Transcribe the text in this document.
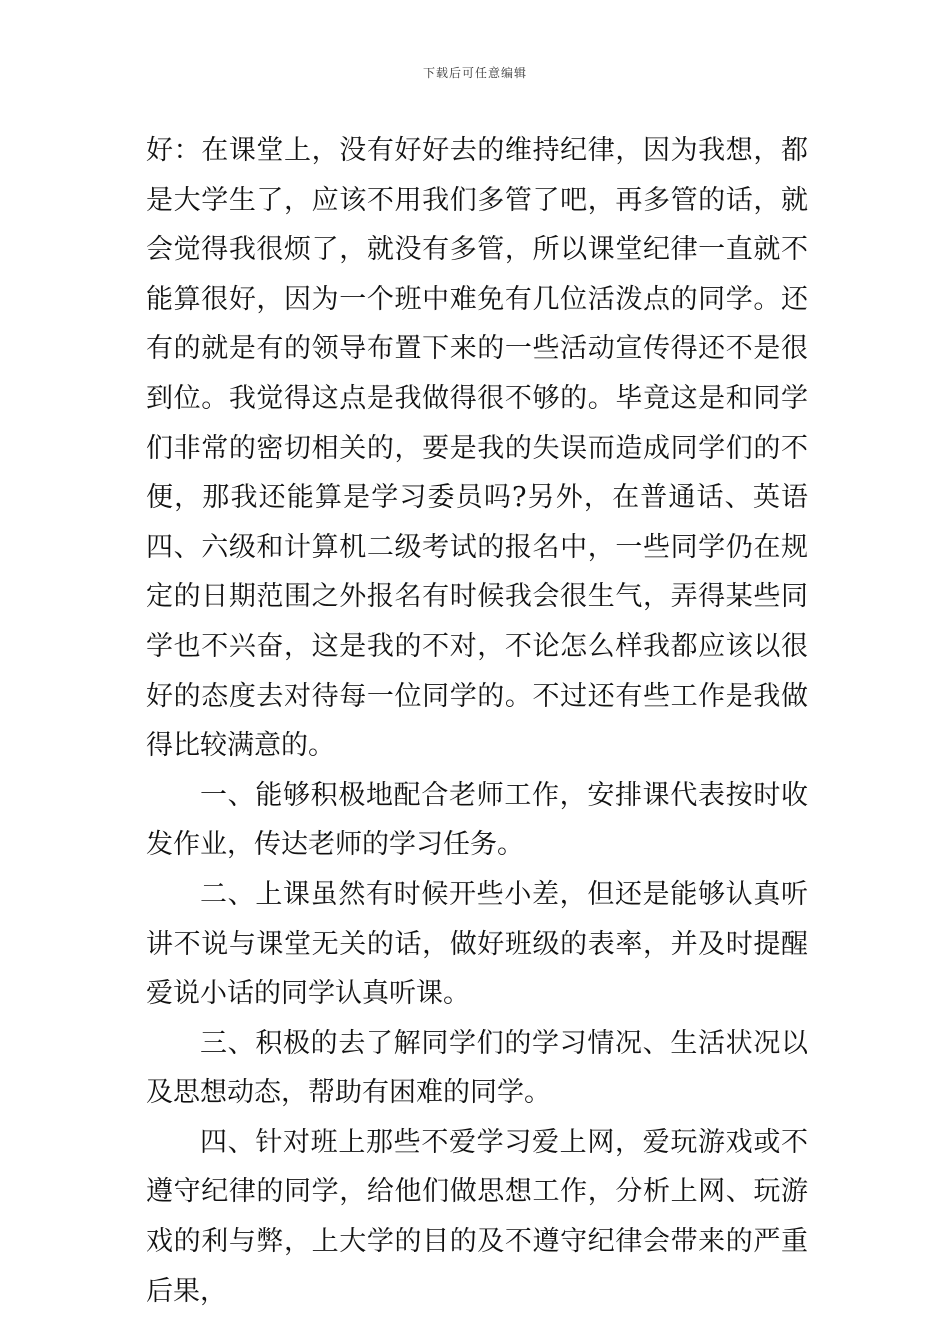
下载后可任意编辑

好：在课堂上，没有好好去的维持纪律，因为我想，都是大学生了，应该不用我们多管了吧，再多管的话，就会觉得我很烦了，就没有多管，所以课堂纪律一直就不能算很好，因为一个班中难免有几位活泼点的同学。还有的就是有的领导布置下来的一些活动宣传得还不是很到位。我觉得这点是我做得很不够的。毕竟这是和同学们非常的密切相关的，要是我的失误而造成同学们的不便，那我还能算是学习委员吗?另外，在普通话、英语四、六级和计算机二级考试的报名中，一些同学仍在规定的日期范围之外报名有时候我会很生气，弄得某些同学也不兴奋，这是我的不对，不论怎么样我都应该以很好的态度去对待每一位同学的。不过还有些工作是我做得比较满意的。

一、能够积极地配合老师工作，安排课代表按时收发作业，传达老师的学习任务。

二、上课虽然有时候开些小差，但还是能够认真听讲不说与课堂无关的话，做好班级的表率，并及时提醒爱说小话的同学认真听课。

三、积极的去了解同学们的学习情况、生活状况以及思想动态，帮助有困难的同学。

四、针对班上那些不爱学习爱上网，爱玩游戏或不遵守纪律的同学，给他们做思想工作，分析上网、玩游戏的利与弊，上大学的目的及不遵守纪律会带来的严重后果，
